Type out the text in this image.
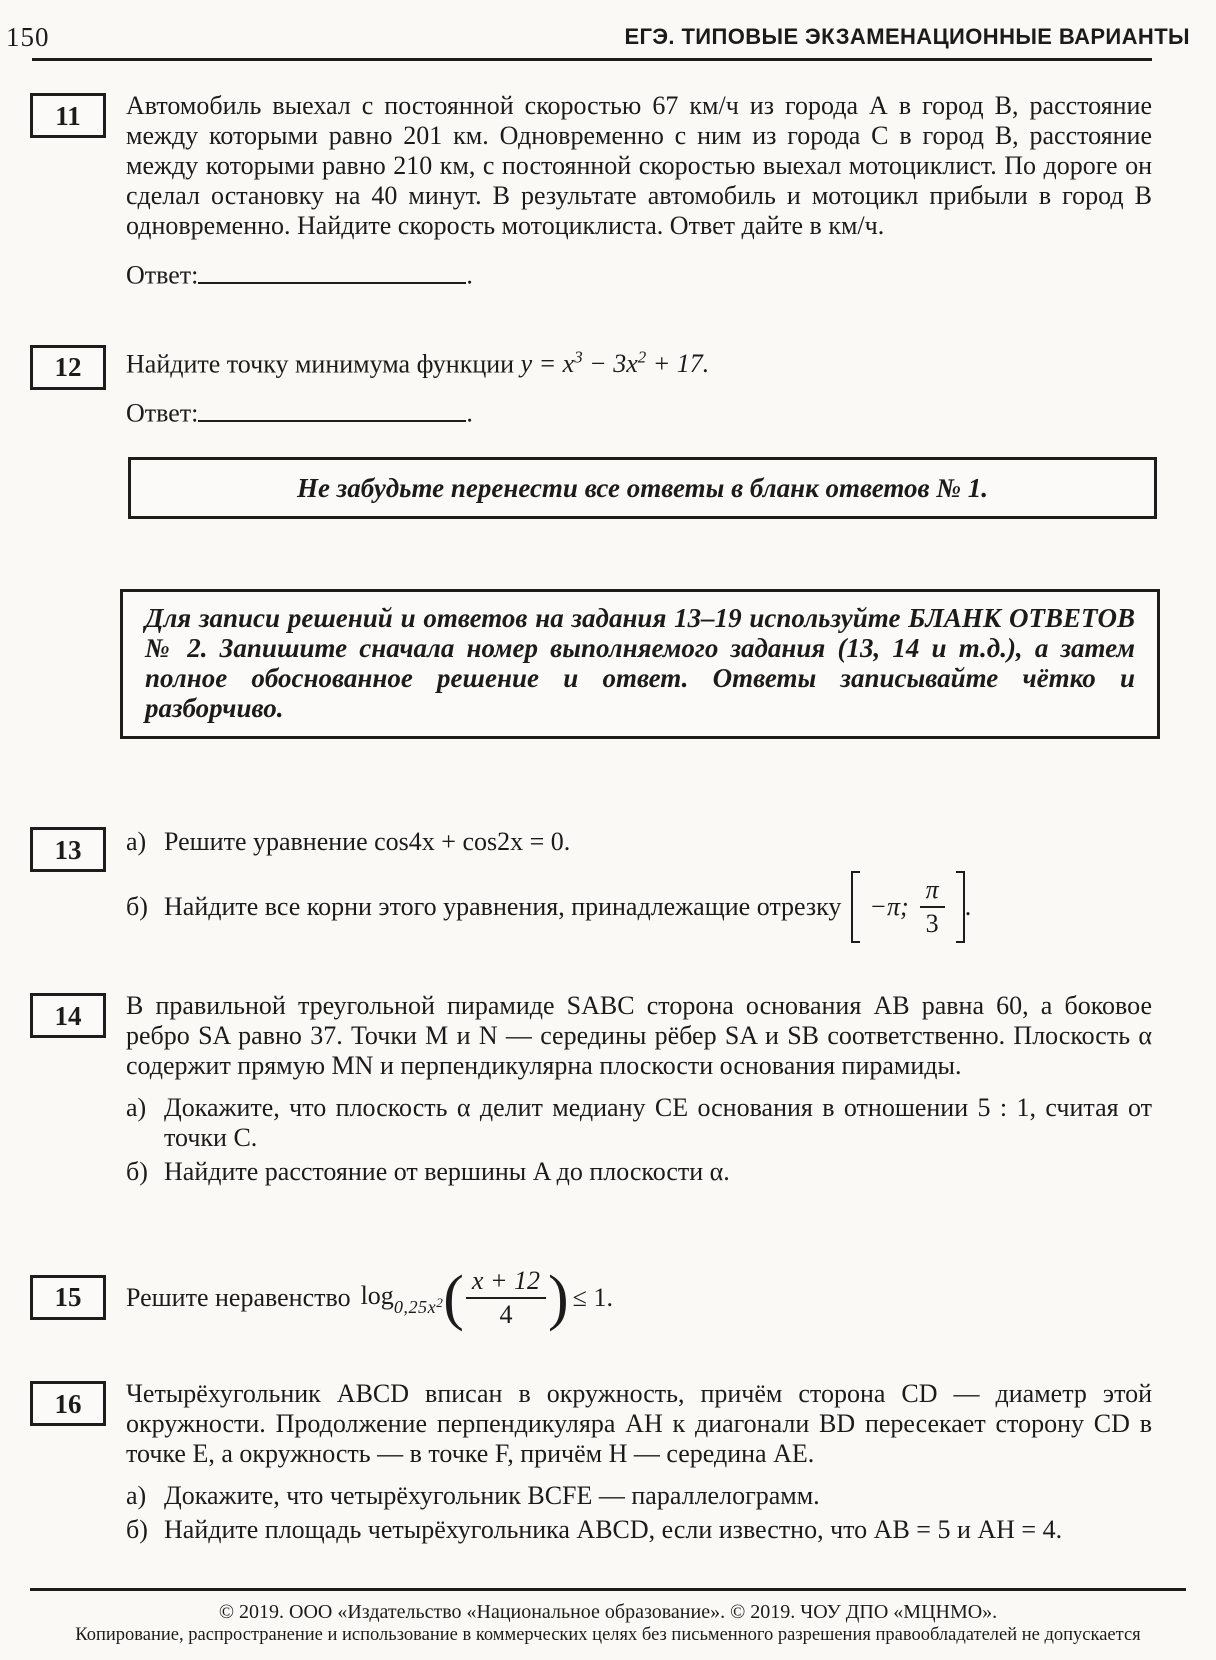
150	ЕГЭ. ТИПОВЫЕ ЭКЗАМЕНАЦИОННЫЕ ВАРИАНТЫ
11	Автомобиль выехал с постоянной скоростью 67 км/ч из города А в город В, расстояние между которыми равно 201 км. Одновременно с ним из города С в город В, расстояние между которыми равно 210 км, с постоянной скоростью выехал мотоциклист. По дороге он сделал остановку на 40 минут. В результате автомобиль и мотоцикл прибыли в город В одновременно. Найдите скорость мотоциклиста. Ответ дайте в км/ч.

Ответ:	.
12	Найдите точку минимума функции $y = x^3 - 3x^2 + 17$.

Ответ:	.
Не забудьте перенести все ответы в бланк ответов № 1.
Для записи решений и ответов на задания 13–19 используйте БЛАНК ОТВЕТОВ № 2. Запишите сначала номер выполняемого задания (13, 14 и т.д.), а затем полное обоснованное решение и ответ. Ответы записывайте чётко и разборчиво.
13	а) Решите уравнение cos4x + cos2x = 0.
б) Найдите все корни этого уравнения, принадлежащие отрезку −π; $\frac{\pi}{3}$ .
14	В правильной треугольной пирамиде SABC сторона основания AB равна 60, а боковое ребро SA равно 37. Точки M и N — середины рёбер SA и SB соответственно. Плоскость α содержит прямую MN и перпендикулярна плоскости основания пирамиды.

а) Докажите, что плоскость α делит медиану CE основания в отношении 5 : 1, считая от точки C.
б) Найдите расстояние от вершины A до плоскости α.
15	Решите неравенство $\log_{0,25x^2}$ ( $\frac{x + 12}{4}$ ) ≤ 1.
16	Четырёхугольник ABCD вписан в окружность, причём сторона CD — диаметр этой окружности. Продолжение перпендикуляра AH к диагонали BD пересекает сторону CD в точке E, а окружность — в точке F, причём H — середина AE.

а) Докажите, что четырёхугольник BCFE — параллелограмм.
б) Найдите площадь четырёхугольника ABCD, если известно, что AB = 5 и AH = 4.

© 2019. ООО «Издательство «Национальное образование». © 2019. ЧОУ ДПО «МЦНМО».

Копирование, распространение и использование в коммерческих целях без письменного разрешения правообладателей не допускается
